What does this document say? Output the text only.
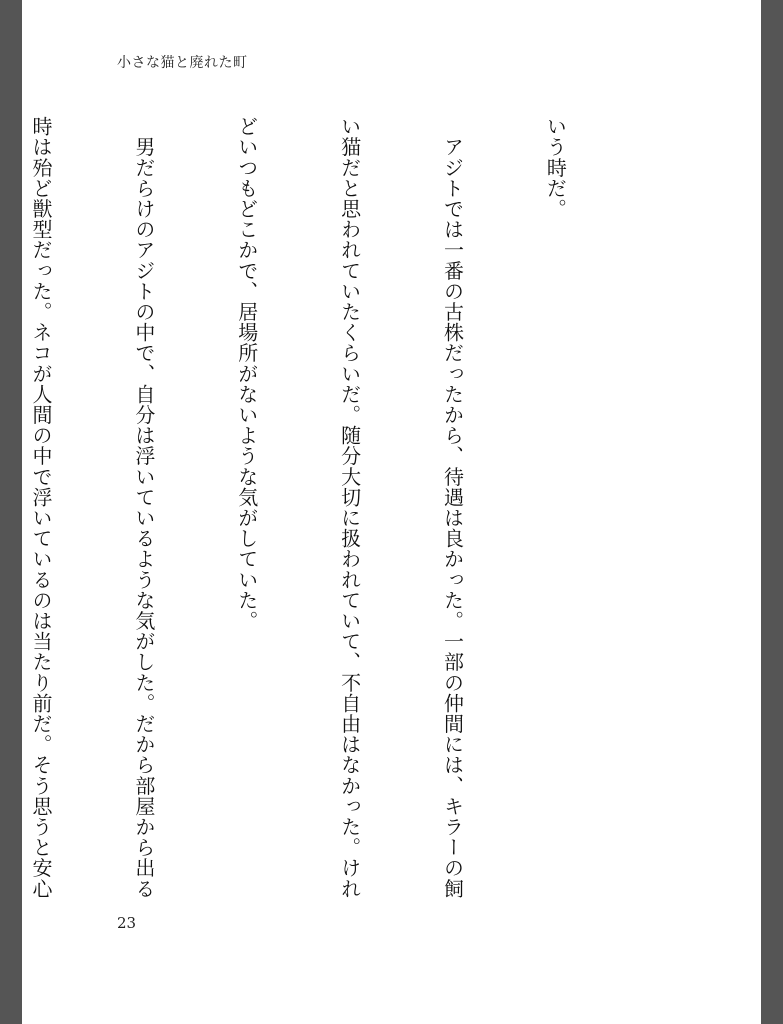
小さな猫と廃れた町

いう時だ。

　アジトでは一番の古株だったから、待遇は良かった。一部の仲間には、キラーの飼

い猫だと思われていたくらいだ。随分大切に扱われていて、不自由はなかった。けれ

どいつもどこかで、居場所がないような気がしていた。

　男だらけのアジトの中で、自分は浮いているような気がした。だから部屋から出る

時は殆ど獣型だった。ネコが人間の中で浮いているのは当たり前だ。そう思うと安心

23
